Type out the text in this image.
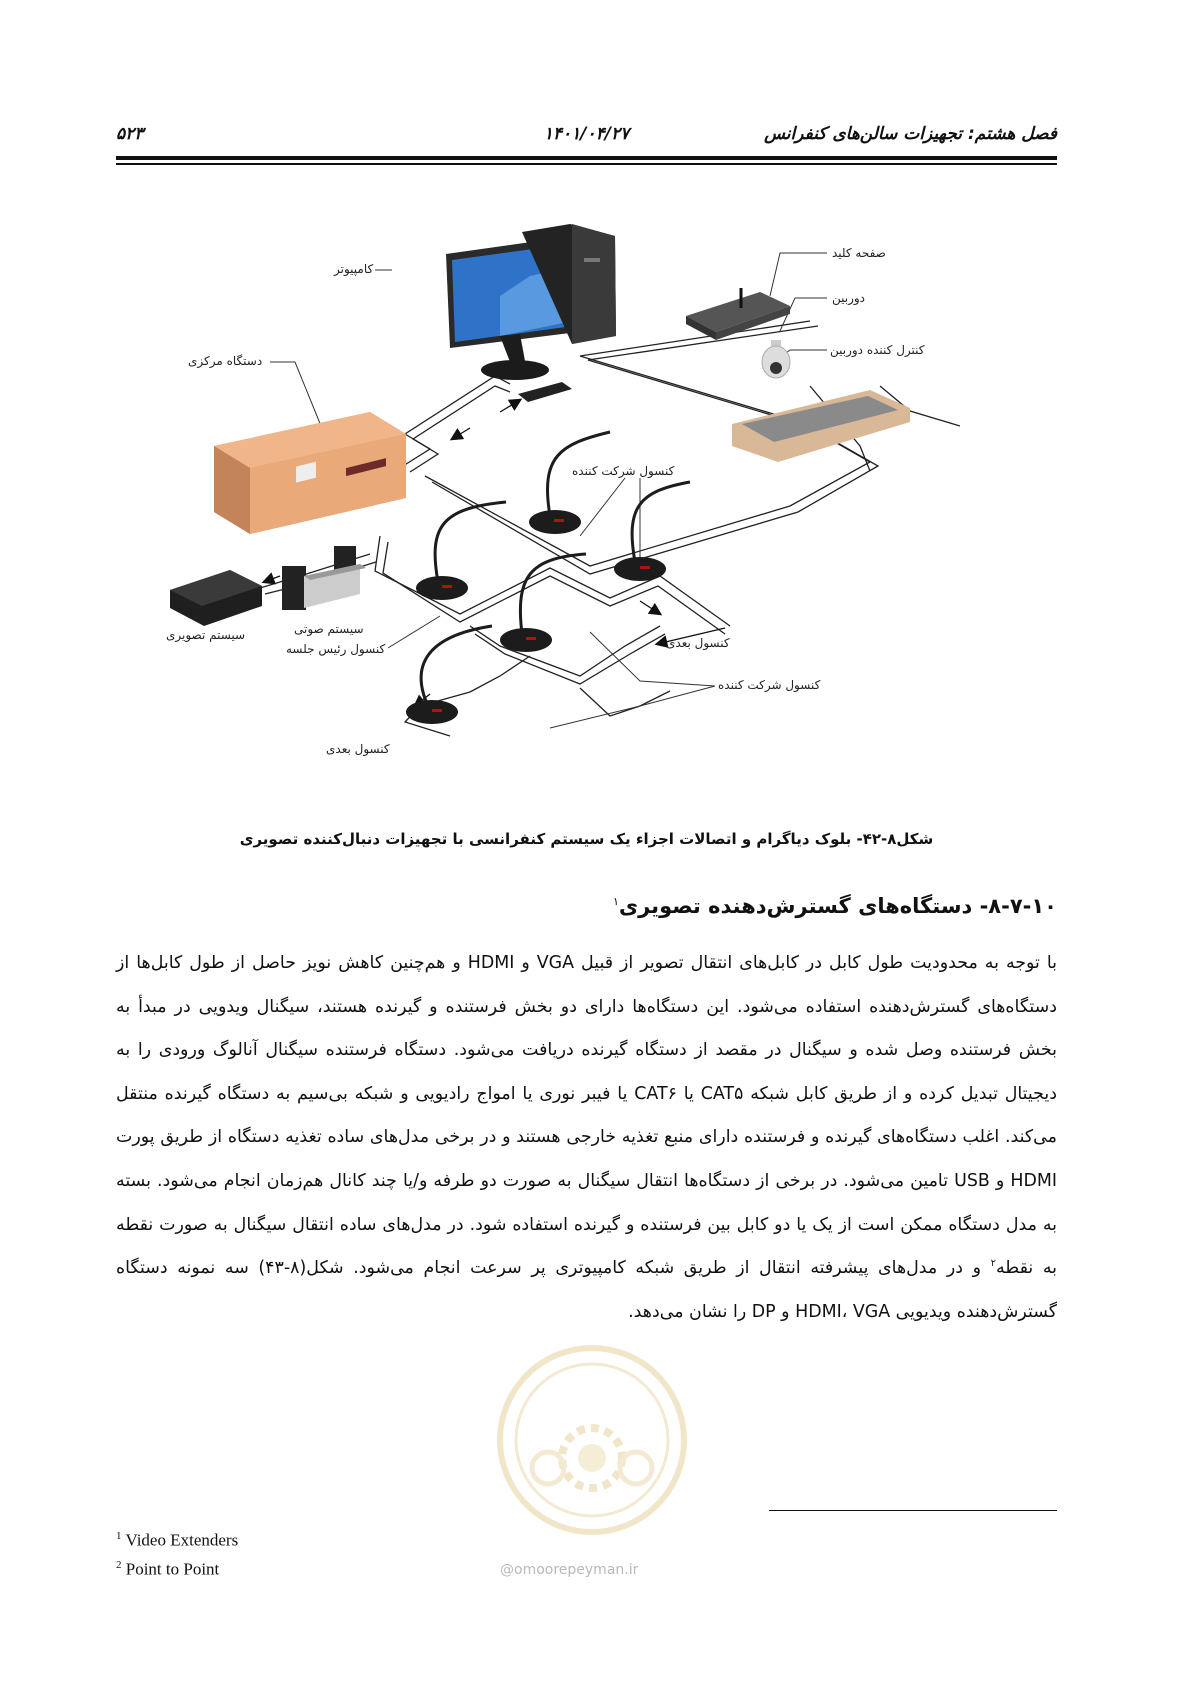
فصل هشتم: تجهیزات سالن‌های کنفرانس
۱۴۰۱/۰۴/۲۷
۵۲۳
کامپیوتر
دستگاه مرکزی
صفحه کلید
دوربین
کنترل کننده دوربین
کنسول شرکت کننده
سیستم تصویری	سیستم صوتی
کنسول رئیس جلسه	کنسول بعدی
کنسول شرکت کننده
کنسول بعدی
شکل۸-۴۲- بلوک دیاگرام و اتصالات اجزاء یک سیستم کنفرانسی با تجهیزات دنبال‌کننده تصویری
۸-۷-۱۰- دستگاه‌های گسترش‌دهنده تصویری$^۱$

با توجه به محدودیت طول کابل در کابل‌های انتقال تصویر از قبیل VGA و HDMI و هم‌چنین کاهش نویز حاصل از طول کابل‌ها از دستگاه‌های گسترش‌دهنده استفاده می‌شود. این دستگاه‌ها دارای دو بخش فرستنده و گیرنده هستند، سیگنال ویدویی در مبدأ به بخش فرستنده وصل شده و سیگنال در مقصد از دستگاه گیرنده دریافت می‌شود. دستگاه فرستنده سیگنال آنالوگ ورودی را به دیجیتال تبدیل کرده و از طریق کابل شبکه CAT۵ یا CAT۶ یا فیبر نوری یا امواج رادیویی و شبکه بی‌سیم به دستگاه گیرنده منتقل می‌کند. اغلب دستگاه‌های گیرنده و فرستنده دارای منبع تغذیه خارجی هستند و در برخی مدل‌های ساده تغذیه دستگاه از طریق پورت HDMI و USB تامین می‌شود. در برخی از دستگاه‌ها انتقال سیگنال به صورت دو طرفه و/یا چند کانال هم‌زمان انجام می‌شود. بسته به مدل دستگاه ممکن است از یک یا دو کابل بین فرستنده و گیرنده استفاده شود. در مدل‌های ساده انتقال سیگنال به صورت نقطه به نقطه$^۲$ و در مدل‌های پیشرفته انتقال از طریق شبکه کامپیوتری پر سرعت انجام می‌شود. شکل(۸-۴۳) سه نمونه دستگاه گسترش‌دهنده ویدیویی HDMI، VGA و DP را نشان می‌دهد.

@omoorepeyman.ir
$^1$ Video Extenders
$^2$ Point to Point
